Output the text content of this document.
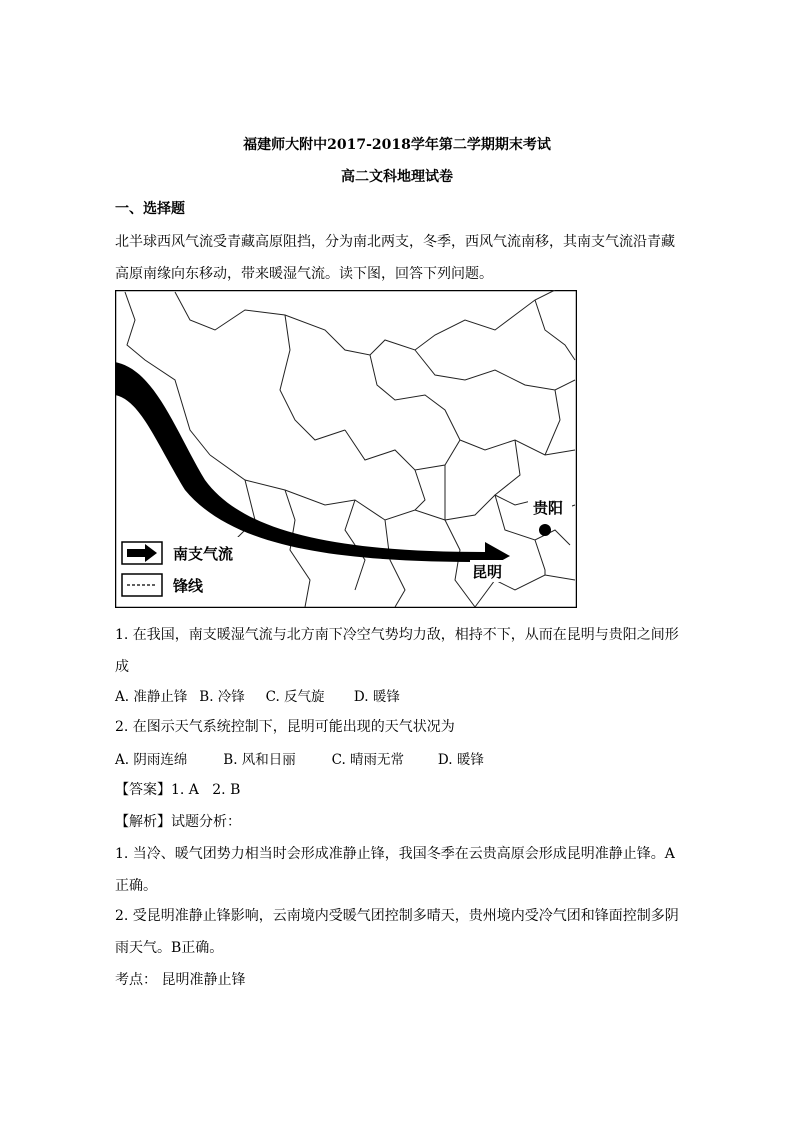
福建师大附中2017-2018学年第二学期期末考试
高二文科地理试卷
一、选择题
北半球西风气流受青藏高原阻挡，分为南北两支，冬季，西风气流南移，其南支气流沿青藏
高原南缘向东移动，带来暖湿气流。读下图，回答下列问题。
贵阳
昆明
南支气流
锋线
1. 在我国，南支暖湿气流与北方南下冷空气势均力敌，相持不下，从而在昆明与贵阳之间形
成
A. 准静止锋 B. 冷锋 C. 反气旋 D. 暖锋
2. 在图示天气系统控制下，昆明可能出现的天气状况为
A. 阴雨连绵	B. 风和日丽	C. 晴雨无常	D. 暖锋
【答案】1. A   2. B
【解析】试题分析：
1. 当冷、暖气团势力相当时会形成准静止锋，我国冬季在云贵高原会形成昆明准静止锋。A
正确。
2. 受昆明准静止锋影响，云南境内受暖气团控制多晴天，贵州境内受冷气团和锋面控制多阴
雨天气。B正确。
考点： 昆明准静止锋
